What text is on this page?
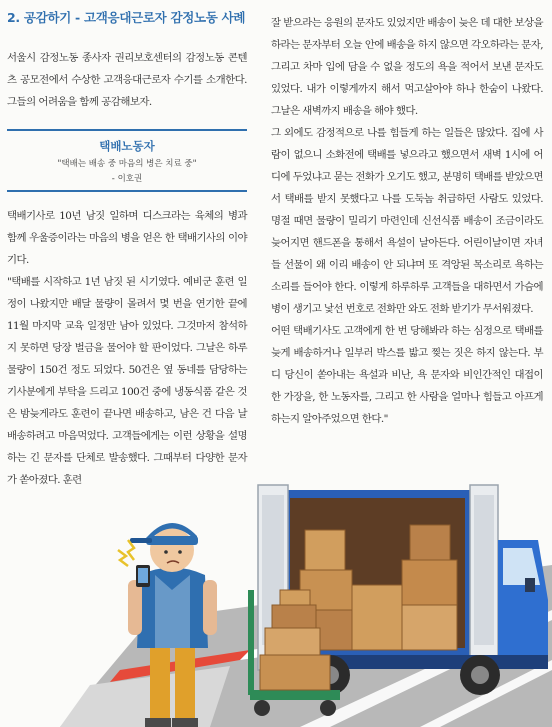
2. 공감하기 - 고객응대근로자 감정노동 사례

서울시 감정노동 종사자 권리보호센터의 감정노동 콘텐츠 공모전에서 수상한 고객응대근로자 수기를 소개한다. 그들의 어려움을 함께 공감해보자.

택배노동자
"택배는 배송 중 마음의 병은 치료 중"
- 이호권

택배기사로 10년 남짓 일하며 디스크라는 육체의 병과 함께 우울증이라는 마음의 병을 얻은 한 택배기사의 이야기다.

"택배를 시작하고 1년 남짓 된 시기였다. 예비군 훈련 일정이 나왔지만 배달 물량이 몰려서 몇 번을 연기한 끝에 11월 마지막 교육 일정만 남아 있었다. 그것마저 참석하지 못하면 당장 벌금을 물어야 할 판이었다. 그날은 하루 물량이 150건 정도 되었다. 50건은 옆 동네를 담당하는 기사분에게 부탁을 드리고 100건 중에 냉동식품 같은 것은 밤늦게라도 훈련이 끝나면 배송하고, 남은 건 다음 날 배송하려고 마음먹었다. 고객들에게는 이런 상황을 설명하는 긴 문자를 단체로 발송했다. 그때부터 다양한 문자가 쏟아졌다. 훈련

잘 받으라는 응원의 문자도 있었지만 배송이 늦은 데 대한 보상을 하라는 문자부터 오늘 안에 배송을 하지 않으면 각오하라는 문자, 그리고 차마 입에 담을 수 없을 정도의 욕을 적어서 보낸 문자도 있었다. 내가 이렇게까지 해서 먹고살아야 하나 한숨이 나왔다. 그날은 새벽까지 배송을 해야 했다.

그 외에도 감정적으로 나를 힘들게 하는 일들은 많았다. 집에 사람이 없으니 소화전에 택배를 넣으라고 했으면서 새벽 1시에 어디에 두었냐고 묻는 전화가 오기도 했고, 분명히 택배를 받았으면서 택배를 받지 못했다고 나를 도둑놈 취급하던 사람도 있었다. 명절 때면 물량이 밀리기 마련인데 신선식품 배송이 조금이라도 늦어지면 핸드폰을 통해서 욕설이 날아든다. 어린이날이면 자녀들 선물이 왜 이리 배송이 안 되냐며 또 격앙된 목소리로 욕하는 소리를 들어야 한다. 이렇게 하루하루 고객들을 대하면서 가슴에 병이 생기고 낯선 번호로 전화만 와도 전화 받기가 무서워졌다.

어떤 택배기사도 고객에게 한 번 당해봐라 하는 심정으로 택배를 늦게 배송하거나 일부러 박스를 밟고 찢는 짓은 하지 않는다. 부디 당신이 쏟아내는 욕설과 비난, 욕 문자와 비인간적인 대접이 한 가장을, 한 노동자를, 그리고 한 사람을 얼마나 힘들고 아프게 하는지 알아주었으면 한다."
